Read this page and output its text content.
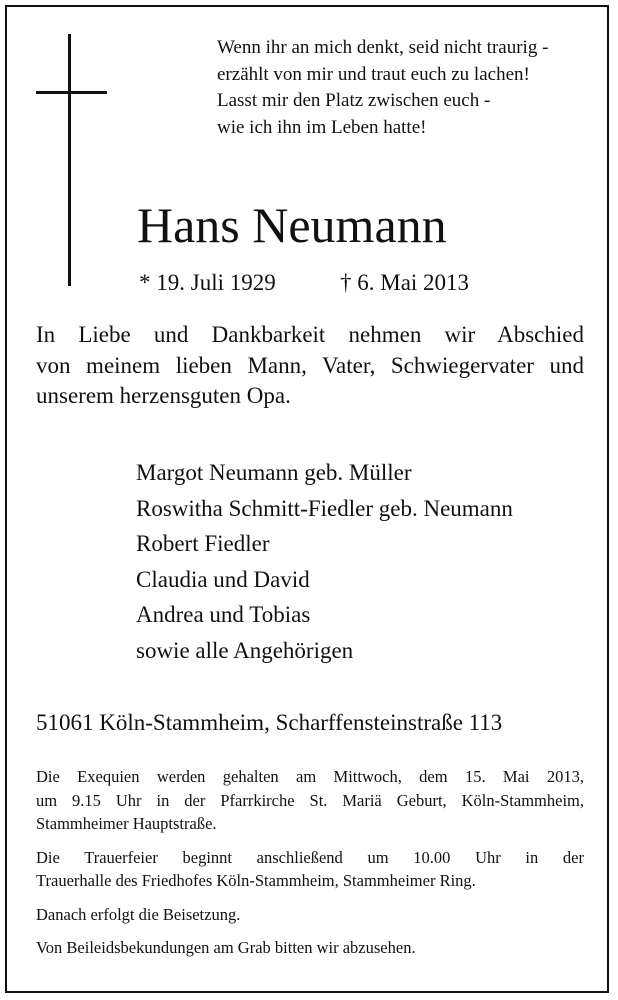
Wenn ihr an mich denkt, seid nicht traurig -
erzählt von mir und traut euch zu lachen!
Lasst mir den Platz zwischen euch -
wie ich ihn im Leben hatte!
Hans Neumann
* 19. Juli 1929	† 6. Mai 2013
In Liebe und Dankbarkeit nehmen wir Abschied
von meinem lieben Mann, Vater, Schwiegervater und
unserem herzensguten Opa.
Margot Neumann geb. Müller
Roswitha Schmitt-Fiedler geb. Neumann
Robert Fiedler
Claudia und David
Andrea und Tobias
sowie alle Angehörigen
51061 Köln-Stammheim, Scharffensteinstraße 113
Die Exequien werden gehalten am Mittwoch, dem 15. Mai 2013,
um 9.15 Uhr in der Pfarrkirche St. Mariä Geburt, Köln-Stammheim,
Stammheimer Hauptstraße.
Die Trauerfeier beginnt anschließend um 10.00 Uhr in der
Trauerhalle des Friedhofes Köln-Stammheim, Stammheimer Ring.
Danach erfolgt die Beisetzung.
Von Beileidsbekundungen am Grab bitten wir abzusehen.
